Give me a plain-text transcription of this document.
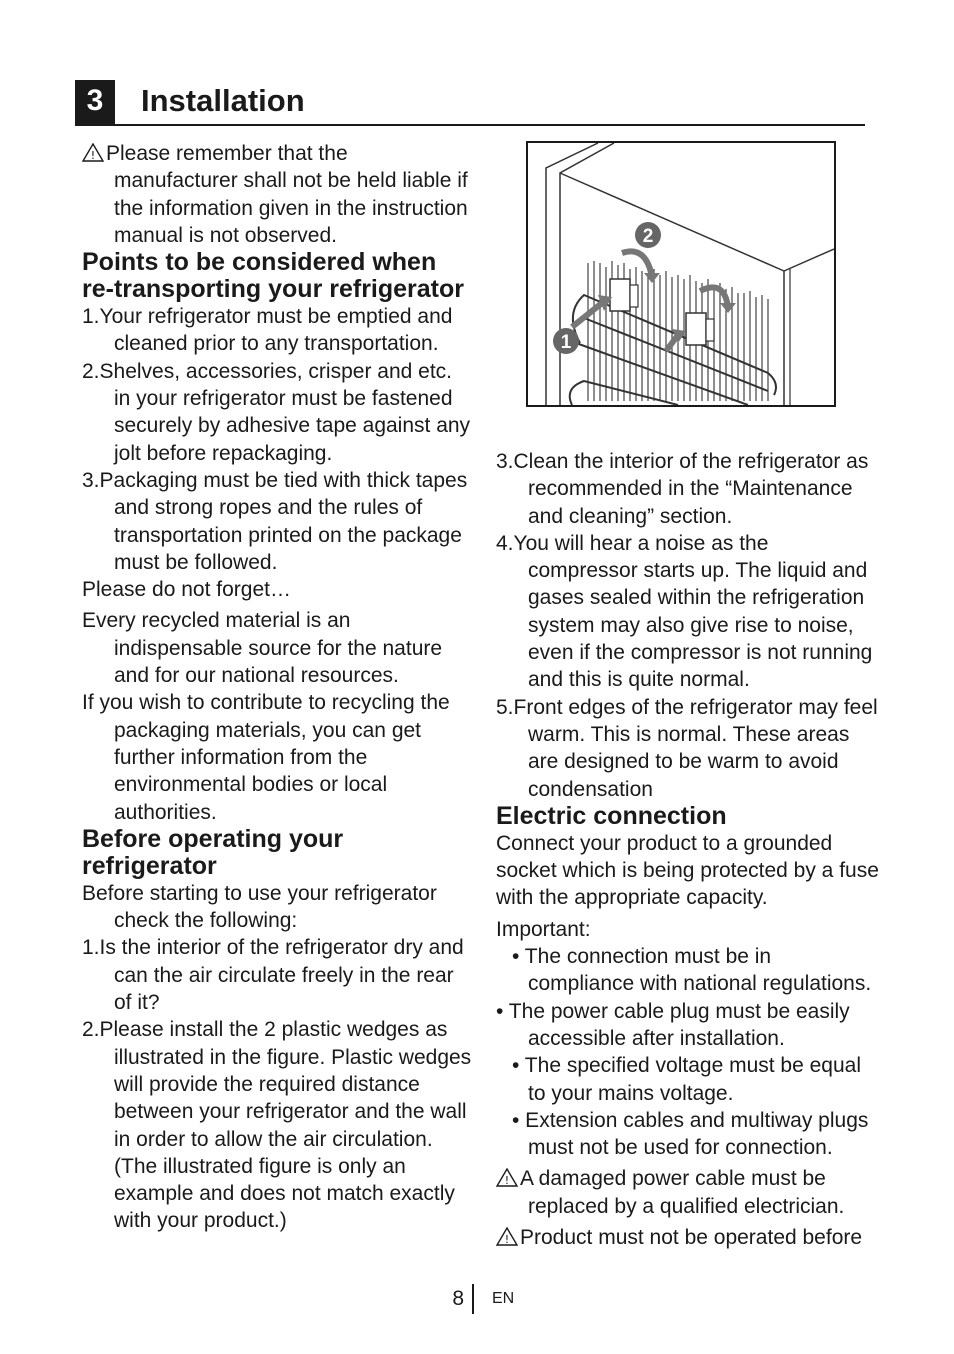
3	Installation

! Please remember that the manufacturer shall not be held liable if the information given in the instruction manual is not observed.

Points to be considered when re-transporting your refrigerator

1.Your refrigerator must be emptied and cleaned prior to any transportation.

2.Shelves, accessories, crisper and etc. in your refrigerator must be fastened securely by adhesive tape against any jolt before repackaging.

3.Packaging must be tied with thick tapes and strong ropes and the rules of transportation printed on the package must be followed.

Please do not forget…

Every recycled material is an indispensable source for the nature and for our national resources.

If you wish to contribute to recycling the packaging materials, you can get further information from the environmental bodies or local authorities.

Before operating your refrigerator

Before starting to use your refrigerator check the following:

1.Is the interior of the refrigerator dry and can the air circulate freely in the rear of it?

2.Please install the 2 plastic wedges as illustrated in the figure. Plastic wedges will provide the required distance between your refrigerator and the wall in order to allow the air circulation. (The illustrated figure is only an example and does not match exactly with your product.)

2
1

3.Clean the interior of the refrigerator as recommended in the “Maintenance and cleaning” section.

4.You will hear a noise as the compressor starts up. The liquid and gases sealed within the refrigeration system may also give rise to noise, even if the compressor is not running and this is quite normal.

5.Front edges of the refrigerator may feel warm. This is normal. These areas are designed to be warm to avoid condensation

Electric connection

Connect your product to a grounded socket which is being protected by a fuse with the appropriate capacity.

Important:

• The connection must be in compliance with national regulations.

• The power cable plug must be easily accessible after installation.

• The specified voltage must be equal to your mains voltage.

• Extension cables and multiway plugs must not be used for connection.

! A damaged power cable must be replaced by a qualified electrician.

! Product must not be operated before

8 EN
